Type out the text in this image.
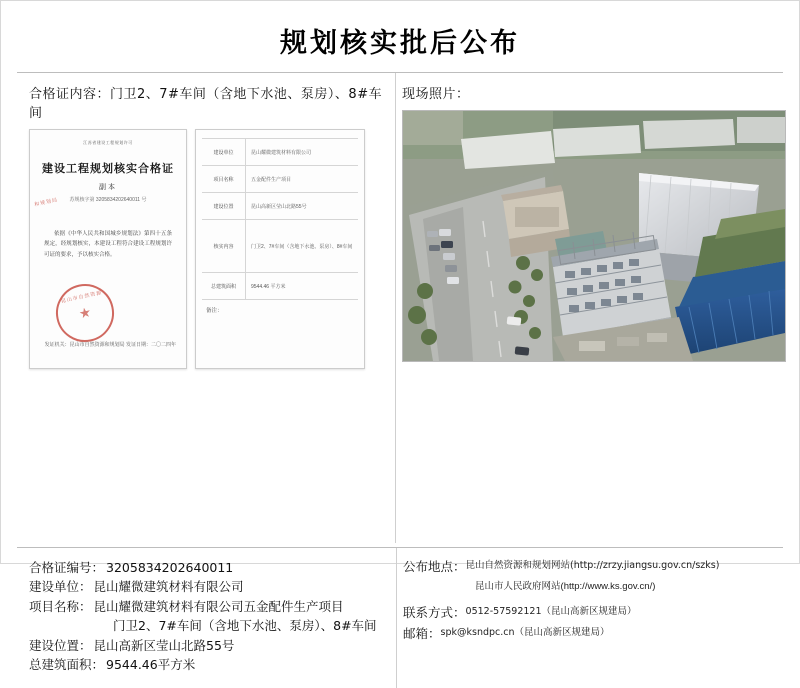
规划核实批后公布
合格证内容：门卫2、7#车间（含地下水池、泵房）、8#车间
江苏省建设工程规划许可
建设工程规划核实合格证
副本
苏规核字第 3205834202640011 号
依据《中华人民共和国城乡规划法》第四十五条规定，经规划核实，本建设工程符合建设工程规划许可证的要求，予以核实合格。
昆山市自然资源
和规划局
发证机关：昆山市自然资源和规划局 发证日期：二〇二四年
建设单位	昆山耀微建筑材料有限公司
项目名称	五金配件生产项目
建设位置	昆山高新区莹山北路55号
核实内容	门卫2、7#车间（含地下水池、泵房）、8#车间
总建筑面积	9544.46 平方米
备注：
现场照片：
合格证编号： 3205834202640011
建设单位： 昆山耀微建筑材料有限公司
项目名称： 昆山耀微建筑材料有限公司五金配件生产项目
门卫2、7#车间（含地下水池、泵房）、8#车间
建设位置： 昆山高新区莹山北路55号
总建筑面积： 9544.46平方米
公布地点： 昆山自然资源和规划网站(http://zrzy.jiangsu.gov.cn/szks)
昆山市人民政府网站(http://www.ks.gov.cn/)
联系方式： 0512-57592121（昆山高新区规建局）
邮箱： spk@ksndpc.cn（昆山高新区规建局）
